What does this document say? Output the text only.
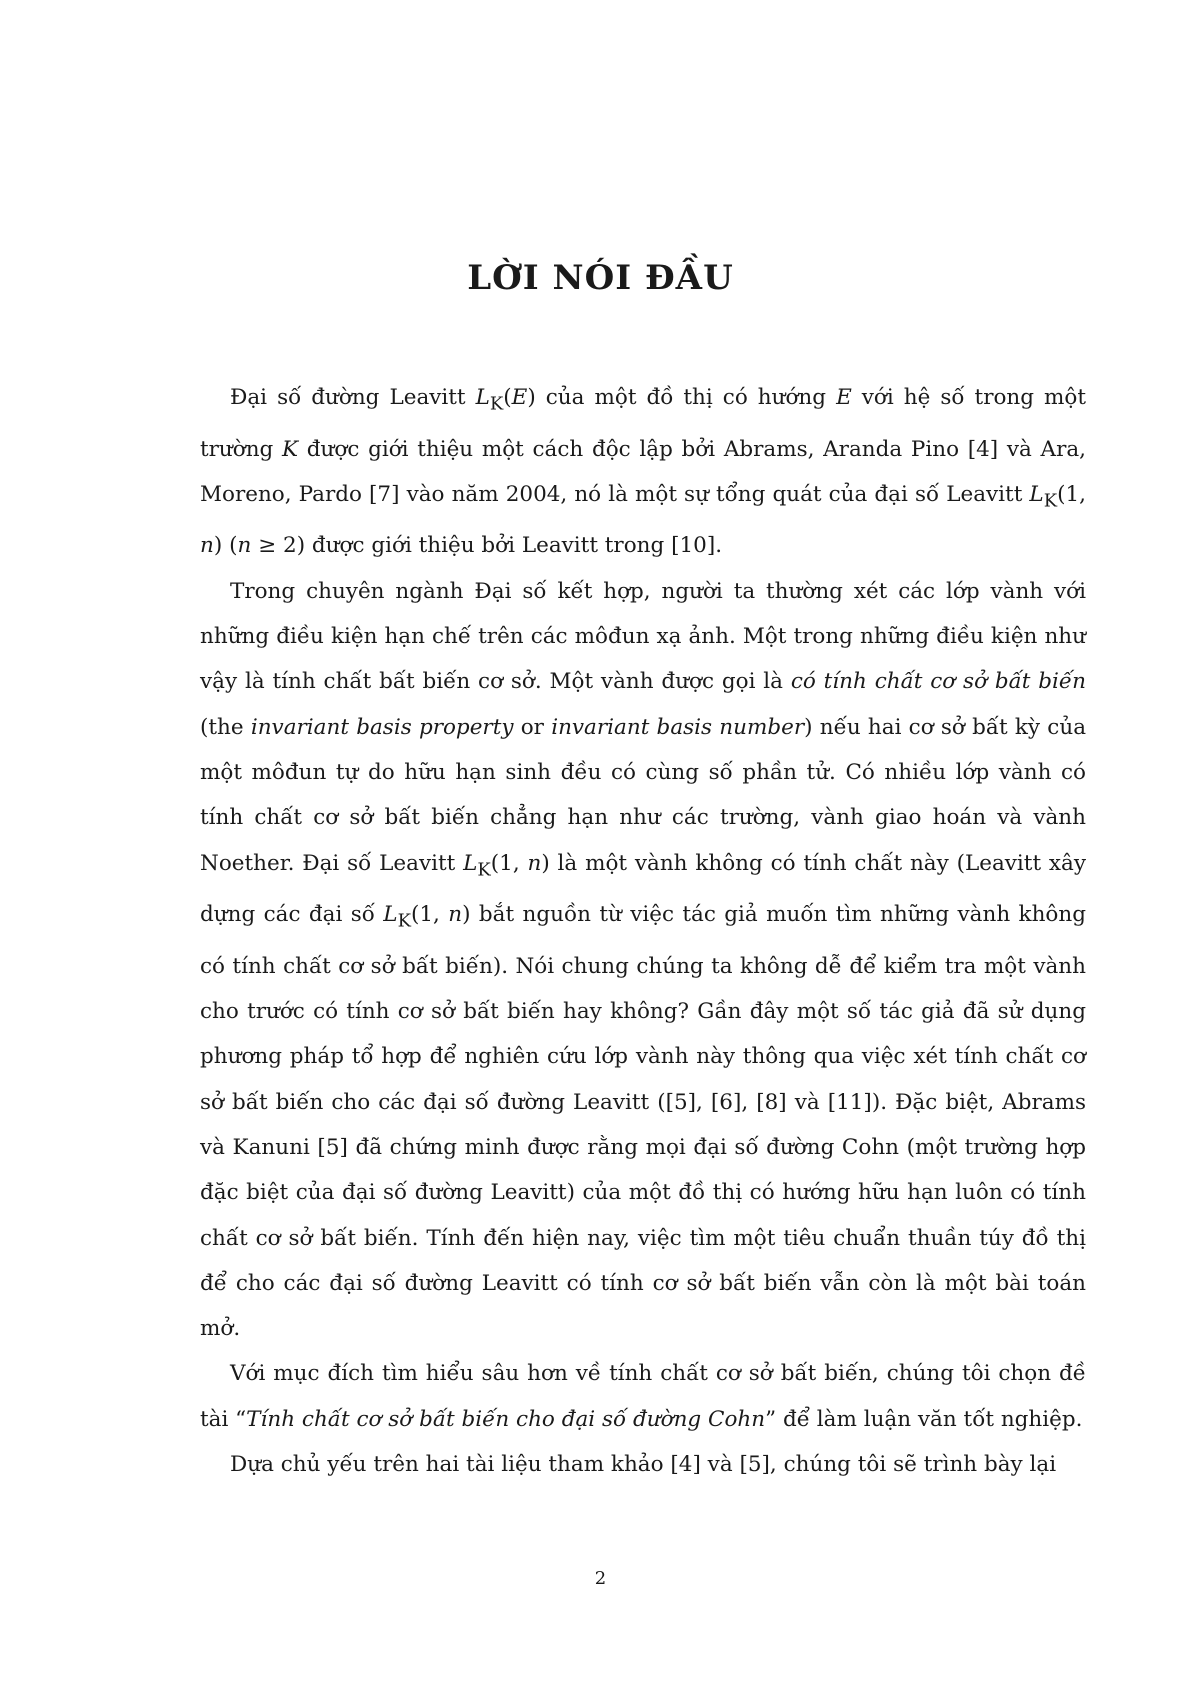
LỜI NÓI ĐẦU

Đại số đường Leavitt $L_K(E)$ của một đồ thị có hướng E với hệ số trong một trường K được giới thiệu một cách độc lập bởi Abrams, Aranda Pino [4] và Ara, Moreno, Pardo [7] vào năm 2004, nó là một sự tổng quát của đại số Leavitt $L_K(1$, n) (n ≥ 2) được giới thiệu bởi Leavitt trong [10].

Trong chuyên ngành Đại số kết hợp, người ta thường xét các lớp vành với những điều kiện hạn chế trên các môđun xạ ảnh. Một trong những điều kiện như vậy là tính chất bất biến cơ sở. Một vành được gọi là có tính chất cơ sở bất biến (the invariant basis property or invariant basis number) nếu hai cơ sở bất kỳ của một môđun tự do hữu hạn sinh đều có cùng số phần tử. Có nhiều lớp vành có tính chất cơ sở bất biến chẳng hạn như các trường, vành giao hoán và vành Noether. Đại số Leavitt $L_K(1$, n) là một vành không có tính chất này (Leavitt xây dựng các đại số $L_K(1$, n) bắt nguồn từ việc tác giả muốn tìm những vành không có tính chất cơ sở bất biến). Nói chung chúng ta không dễ để kiểm tra một vành cho trước có tính cơ sở bất biến hay không? Gần đây một số tác giả đã sử dụng phương pháp tổ hợp để nghiên cứu lớp vành này thông qua việc xét tính chất cơ sở bất biến cho các đại số đường Leavitt ([5], [6], [8] và [11]). Đặc biệt, Abrams và Kanuni [5] đã chứng minh được rằng mọi đại số đường Cohn (một trường hợp đặc biệt của đại số đường Leavitt) của một đồ thị có hướng hữu hạn luôn có tính chất cơ sở bất biến. Tính đến hiện nay, việc tìm một tiêu chuẩn thuần túy đồ thị để cho các đại số đường Leavitt có tính cơ sở bất biến vẫn còn là một bài toán mở.

Với mục đích tìm hiểu sâu hơn về tính chất cơ sở bất biến, chúng tôi chọn đề tài “Tính chất cơ sở bất biến cho đại số đường Cohn” để làm luận văn tốt nghiệp.

Dựa chủ yếu trên hai tài liệu tham khảo [4] và [5], chúng tôi sẽ trình bày lại

2
